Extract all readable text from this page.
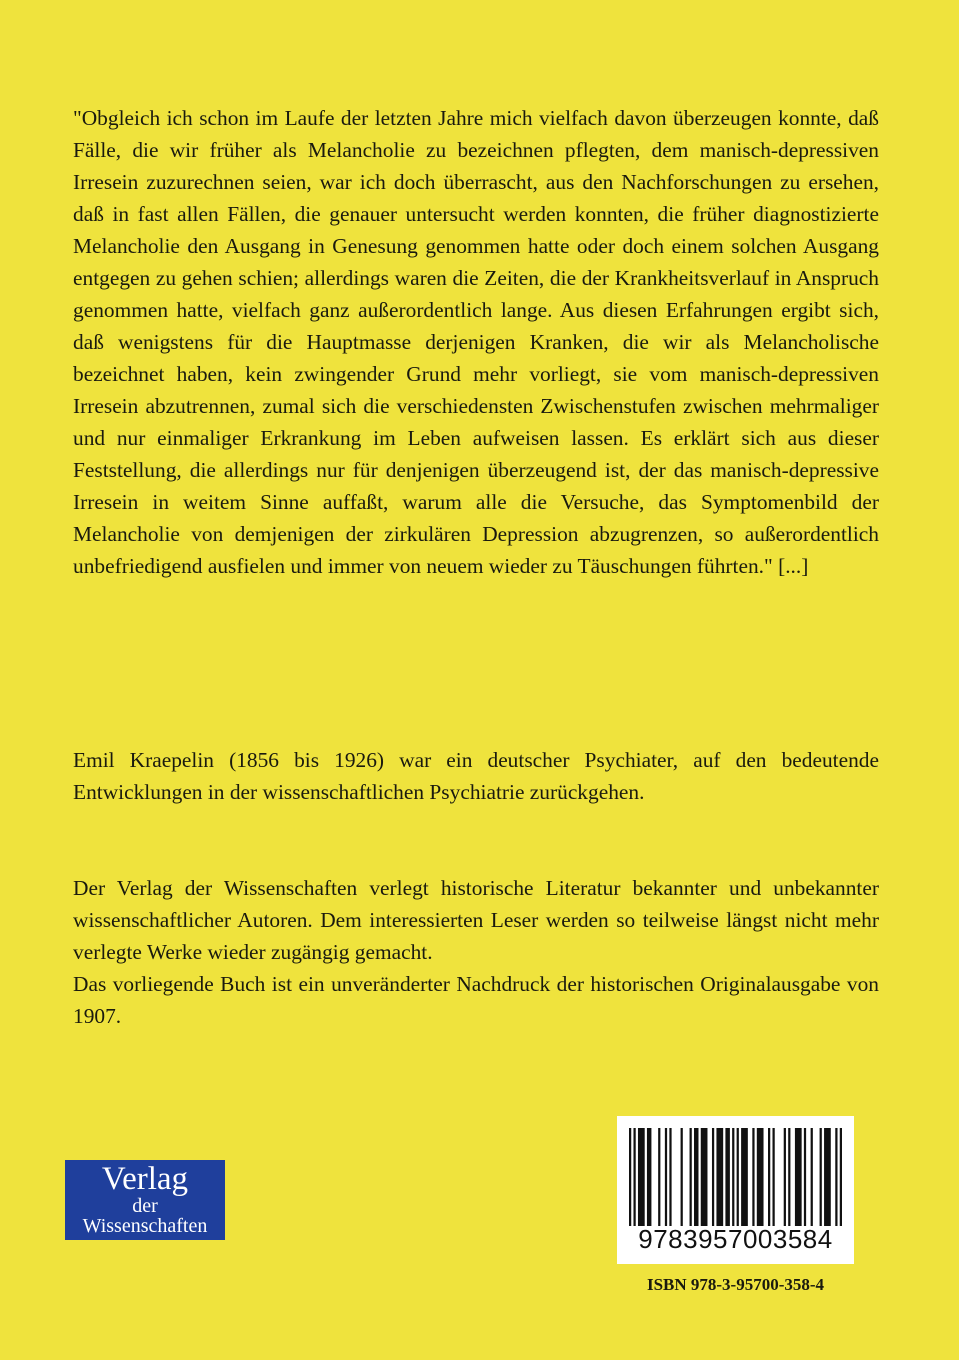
"Obgleich ich schon im Laufe der letzten Jahre mich vielfach davon überzeugen konnte, daß Fälle, die wir früher als Melancholie zu bezeichnen pflegten, dem manisch-depressiven Irresein zuzurechnen seien, war ich doch überrascht, aus den Nachforschungen zu ersehen, daß in fast allen Fällen, die genauer untersucht werden konnten, die früher diagnostizierte Melancholie den Ausgang in Genesung genommen hatte oder doch einem solchen Ausgang entgegen zu gehen schien; allerdings waren die Zeiten, die der Krankheitsverlauf in Anspruch genommen hatte, vielfach ganz außerordentlich lange. Aus diesen Erfahrungen ergibt sich, daß wenigstens für die Hauptmasse derjenigen Kranken, die wir als Melancholische bezeichnet haben, kein zwingender Grund mehr vorliegt, sie vom manisch-depressiven Irresein abzutrennen, zumal sich die verschiedensten Zwischenstufen zwischen mehrmaliger und nur einmaliger Erkrankung im Leben aufweisen lassen. Es erklärt sich aus dieser Feststellung, die allerdings nur für denjenigen überzeugend ist, der das manisch-depressive Irresein in weitem Sinne auffaßt, warum alle die Versuche, das Symptomenbild der Melancholie von demjenigen der zirkulären Depression abzugrenzen, so außerordentlich unbefriedigend ausfielen und immer von neuem wieder zu Täuschungen führten." [...]

Emil Kraepelin (1856 bis 1926) war ein deutscher Psychiater, auf den bedeutende Entwicklungen in der wissenschaftlichen Psychiatrie zurückgehen.

Der Verlag der Wissenschaften verlegt historische Literatur bekannter und unbekannter wissenschaftlicher Autoren. Dem interessierten Leser werden so teilweise längst nicht mehr verlegte Werke wieder zugängig gemacht.

Das vorliegende Buch ist ein unveränderter Nachdruck der historischen Originalausgabe von 1907.

Verlag
der
Wissenschaften	9783957003584
ISBN 978-3-95700-358-4
